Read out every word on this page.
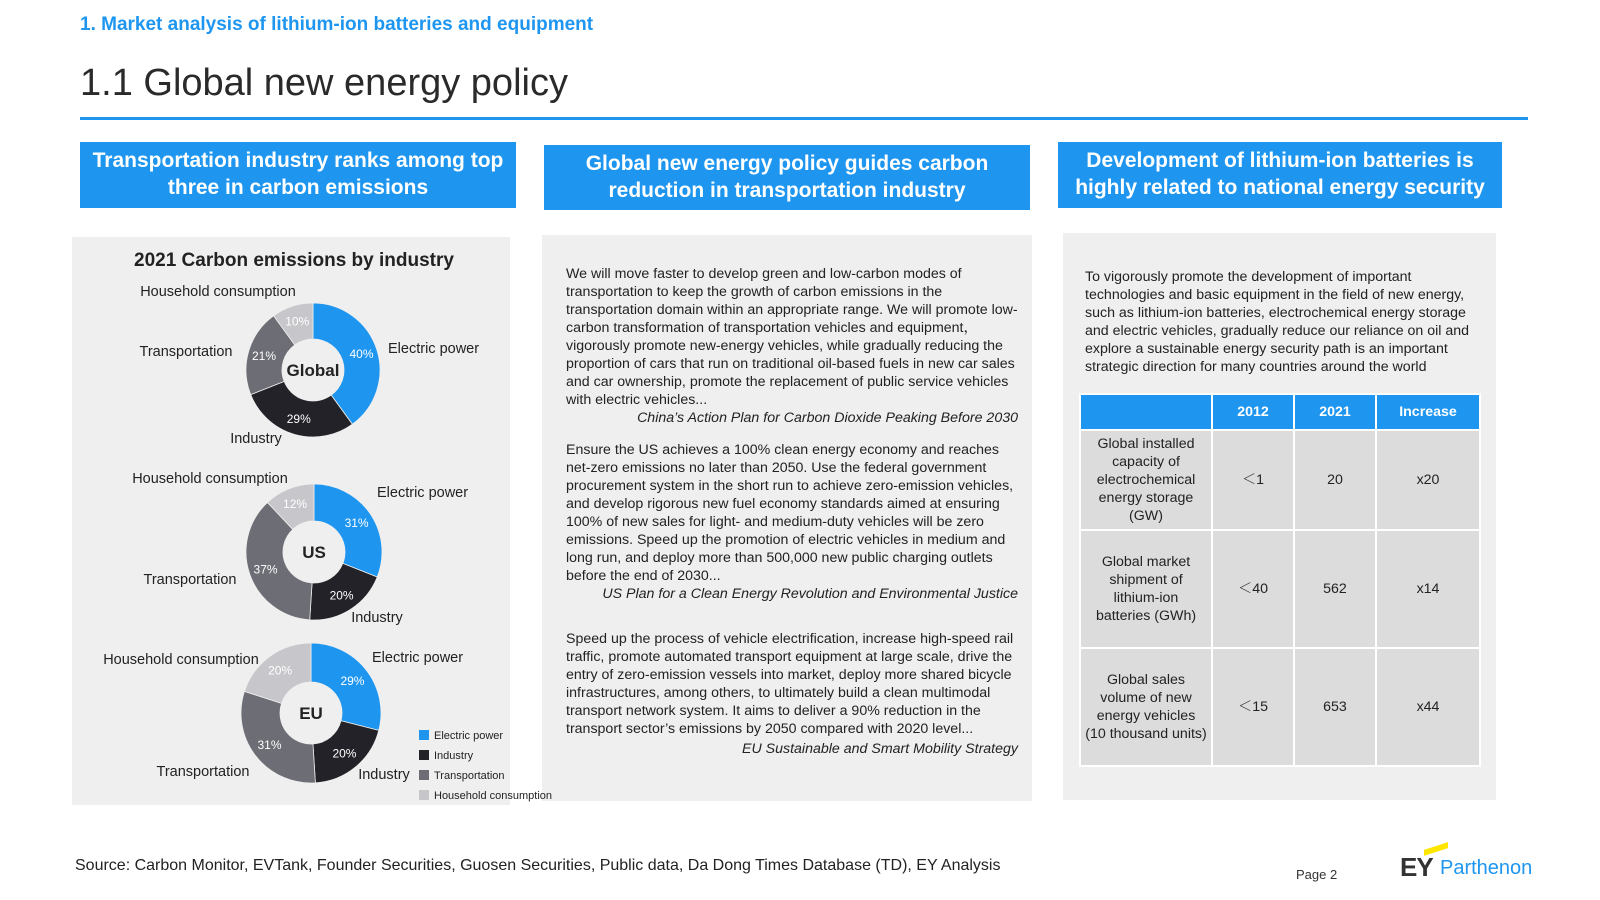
1. Market analysis of lithium-ion batteries and equipment
1.1 Global new energy policy
Transportation industry ranks among top three in carbon emissions
Global new energy policy guides carbon reduction in transportation industry
Development of lithium-ion batteries is highly related to national energy security
2021 Carbon emissions by industry
40%
29%
21%
10%
Global
Electric power
Industry
Transportation
Household consumption
31%
20%
37%
12%
US
Electric power
Industry
Transportation
Household consumption
29%
20%
31%
20%
EU
Electric power
Industry
Transportation
Household consumption
Electric power
Industry
Transportation
Household consumption

We will move faster to develop green and low-carbon modes of transportation to keep the growth of carbon emissions in the transportation domain within an appropriate range. We will promote low-carbon transformation of transportation vehicles and equipment，vigorously promote new-energy vehicles, while gradually reducing the proportion of cars that run on traditional oil-based fuels in new car sales and car ownership, promote the replacement of public service vehicles with electric vehicles...

China’s Action Plan for Carbon Dioxide Peaking Before 2030

Ensure the US achieves a 100% clean energy economy and reaches net-zero emissions no later than 2050. Use the federal government procurement system in the short run to achieve zero-emission vehicles, and develop rigorous new fuel economy standards aimed at ensuring 100% of new sales for light- and medium-duty vehicles will be zero emissions. Speed up the promotion of electric vehicles in medium and long run, and deploy more than 500,000 new public charging outlets before the end of 2030...

US Plan for a Clean Energy Revolution and Environmental Justice

Speed up the process of vehicle electrification, increase high-speed rail traffic, promote automated transport equipment at large scale, drive the entry of zero-emission vessels into market, deploy more shared bicycle infrastructures, among others, to ultimately build a clean multimodal transport network system. It aims to deliver a 90% reduction in the transport sector’s emissions by 2050 compared with 2020 level...

EU Sustainable and Smart Mobility Strategy

To vigorously promote the development of important technologies and basic equipment in the field of new energy, such as lithium-ion batteries, electrochemical energy storage and electric vehicles, gradually reduce our reliance on oil and explore a sustainable energy security path is an important strategic direction for many countries around the world
	2012	2021	Increase
Global installed capacity of electrochemical energy storage (GW)	＜1	20	x20
Global market shipment of lithium-ion batteries (GWh)	＜40	562	x14
Global sales volume of new energy vehicles (10 thousand units)	＜15	653	x44
Source: Carbon Monitor, EVTank, Founder Securities, Guosen Securities, Public data, Da Dong Times Database (TD), EY Analysis
Page 2 EY Parthenon
